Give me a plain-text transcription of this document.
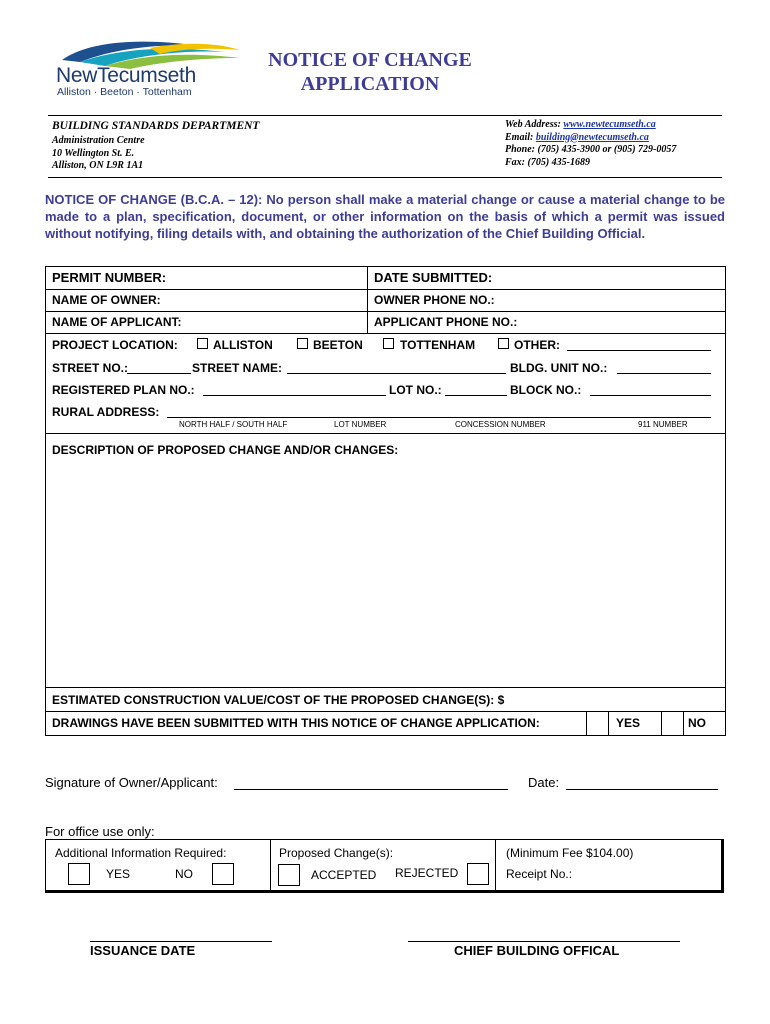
NewTecumseth
Alliston · Beeton · Tottenham
NOTICE OF CHANGE
APPLICATION
BUILDING STANDARDS DEPARTMENT
Administration Centre
10 Wellington St. E.
Alliston, ON L9R 1A1
Web Address: www.newtecumseth.ca
Email: building@newtecumseth.ca
Phone: (705) 435-3900 or (905) 729-0057
Fax: (705) 435-1689
NOTICE OF CHANGE (B.C.A. – 12): No person shall make a material change or cause a material change to be made to a plan, specification, document, or other information on the basis of which a permit was issued without notifying, filing details with, and obtaining the authorization of the Chief Building Official.
PERMIT NUMBER:	DATE SUBMITTED:
NAME OF OWNER:	OWNER PHONE NO.:
NAME OF APPLICANT:	APPLICANT PHONE NO.:
PROJECT LOCATION:	ALLISTON	BEETON	TOTTENHAM	OTHER:
STREET NO.:	STREET NAME:	BLDG. UNIT NO.:
REGISTERED PLAN NO.:	LOT NO.:	BLOCK NO.:
RURAL ADDRESS:
NORTH HALF / SOUTH HALF	LOT NUMBER	CONCESSION NUMBER	911 NUMBER
DESCRIPTION OF PROPOSED CHANGE AND/OR CHANGES:
ESTIMATED CONSTRUCTION VALUE/COST OF THE PROPOSED CHANGE(S): $
DRAWINGS HAVE BEEN SUBMITTED WITH THIS NOTICE OF CHANGE APPLICATION:	YES	NO
Signature of Owner/Applicant:	Date:
For office use only:
Additional Information Required:
YES	NO
Proposed Change(s):
ACCEPTED REJECTED
(Minimum Fee $104.00)
Receipt No.:
ISSUANCE DATE	CHIEF BUILDING OFFICAL
